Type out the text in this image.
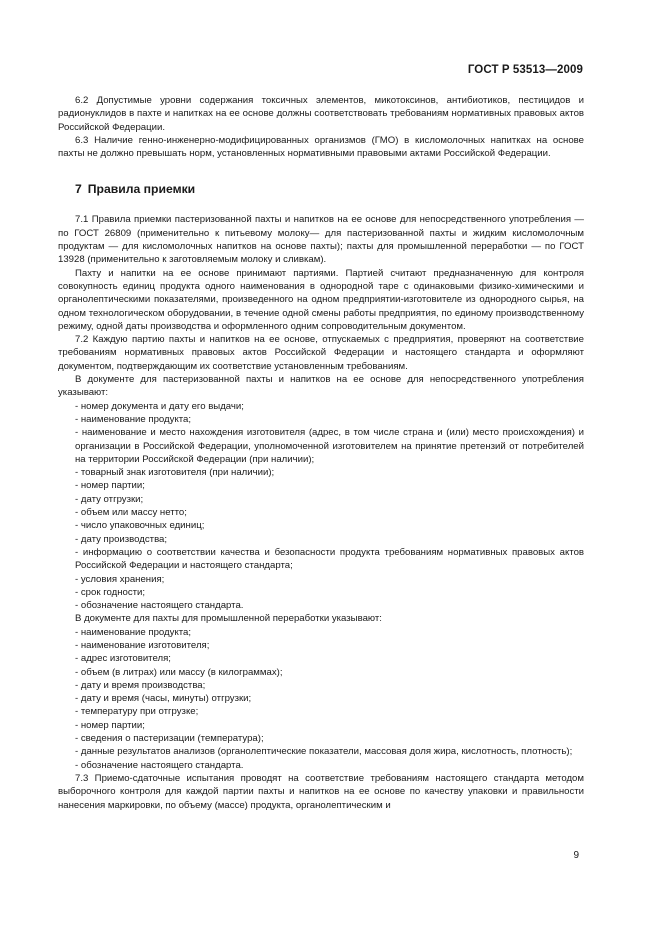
ГОСТ Р 53513—2009

6.2 Допустимые уровни содержания токсичных элементов, микотоксинов, антибиотиков, пестицидов и радионуклидов в пахте и напитках на ее основе должны соответствовать требованиям нормативных правовых актов Российской Федерации.

6.3 Наличие генно-инженерно-модифицированных организмов (ГМО) в кисломолочных напитках на основе пахты не должно превышать норм, установленных нормативными правовыми актами Российской Федерации.

7 Правила приемки

7.1 Правила приемки пастеризованной пахты и напитков на ее основе для непосредственного употребления — по ГОСТ 26809 (применительно к питьевому молоку— для пастеризованной пахты и жидким кисломолочным продуктам — для кисломолочных напитков на основе пахты); пахты для промышленной переработки — по ГОСТ 13928 (применительно к заготовляемым молоку и сливкам).

Пахту и напитки на ее основе принимают партиями. Партией считают предназначенную для контроля совокупность единиц продукта одного наименования в однородной таре с одинаковыми физико-химическими и органолептическими показателями, произведенного на одном предприятии-изготовителе из однородного сырья, на одном технологическом оборудовании, в течение одной смены работы предприятия, по единому производственному режиму, одной даты производства и оформленного одним сопроводительным документом.

7.2 Каждую партию пахты и напитков на ее основе, отпускаемых с предприятия, проверяют на соответствие требованиям нормативных правовых актов Российской Федерации и настоящего стандарта и оформляют документом, подтверждающим их соответствие установленным требованиям.

В документе для пастеризованной пахты и напитков на ее основе для непосредственного употребления указывают:

- номер документа и дату его выдачи;

- наименование продукта;

- наименование и место нахождения изготовителя (адрес, в том числе страна и (или) место происхождения) и организации в Российской Федерации, уполномоченной изготовителем на принятие претензий от потребителей на территории Российской Федерации (при наличии);

- товарный знак изготовителя (при наличии);

- номер партии;

- дату отгрузки;

- объем или массу нетто;

- число упаковочных единиц;

- дату производства;

- информацию о соответствии качества и безопасности продукта требованиям нормативных правовых актов Российской Федерации и настоящего стандарта;

- условия хранения;

- срок годности;

- обозначение настоящего стандарта.

В документе для пахты для промышленной переработки указывают:

- наименование продукта;

- наименование изготовителя;

- адрес изготовителя;

- объем (в литрах) или массу (в килограммах);

- дату и время производства;

- дату и время (часы, минуты) отгрузки;

- температуру при отгрузке;

- номер партии;

- сведения о пастеризации (температура);

- данные результатов анализов (органолептические показатели, массовая доля жира, кислотность, плотность);

- обозначение настоящего стандарта.

7.3 Приемо-сдаточные испытания проводят на соответствие требованиям настоящего стандарта методом выборочного контроля для каждой партии пахты и напитков на ее основе по качеству упаковки и правильности нанесения маркировки, по объему (массе) продукта, органолептическим и

9
